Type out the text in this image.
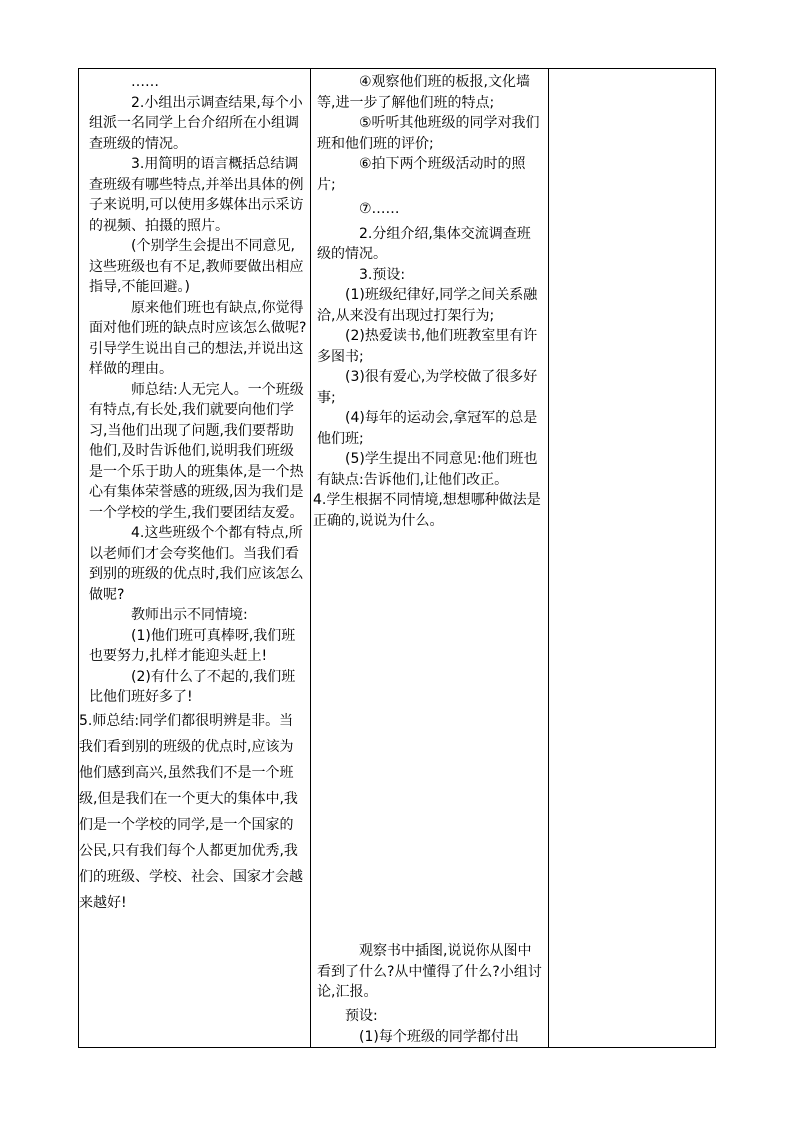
……

2.小组出示调查结果,每个小组派一名同学上台介绍所在小组调查班级的情况。

3.用简明的语言概括总结调查班级有哪些特点,并举出具体的例子来说明,可以使用多媒体出示采访的视频、拍摄的照片。

(个别学生会提出不同意见,这些班级也有不足,教师要做出相应指导,不能回避。)

原来他们班也有缺点,你觉得面对他们班的缺点时应该怎么做呢?引导学生说出自己的想法,并说出这样做的理由。

师总结:人无完人。一个班级有特点,有长处,我们就要向他们学习,当他们出现了问题,我们要帮助他们,及时告诉他们,说明我们班级是一个乐于助人的班集体,是一个热心有集体荣誉感的班级,因为我们是一个学校的学生,我们要团结友爱。

4.这些班级个个都有特点,所以老师们才会夸奖他们。当我们看到别的班级的优点时,我们应该怎么做呢?

教师出示不同情境:

(1)他们班可真棒呀,我们班也要努力,扎样才能迎头赶上!

(2)有什么了不起的,我们班比他们班好多了!

5.师总结:同学们都很明辨是非。当我们看到别的班级的优点时,应该为他们感到高兴,虽然我们不是一个班级,但是我们在一个更大的集体中,我们是一个学校的同学,是一个国家的公民,只有我们每个人都更加优秀,我们的班级、学校、社会、国家才会越来越好!

④观察他们班的板报,文化墙等,进一步了解他们班的特点;

⑤听听其他班级的同学对我们班和他们班的评价;

⑥拍下两个班级活动时的照片;

⑦……

2.分组介绍,集体交流调查班级的情况。

3.预设:

(1)班级纪律好,同学之间关系融洽,从来没有出现过打架行为;

(2)热爱读书,他们班教室里有许多图书;

(3)很有爱心,为学校做了很多好事;

(4)每年的运动会,拿冠军的总是他们班;

(5)学生提出不同意见:他们班也有缺点:告诉他们,让他们改正。

4.学生根据不同情境,想想哪种做法是正确的,说说为什么。

观察书中插图,说说你从图中看到了什么?从中懂得了什么?小组讨论,汇报。

预设:

(1)每个班级的同学都付出
